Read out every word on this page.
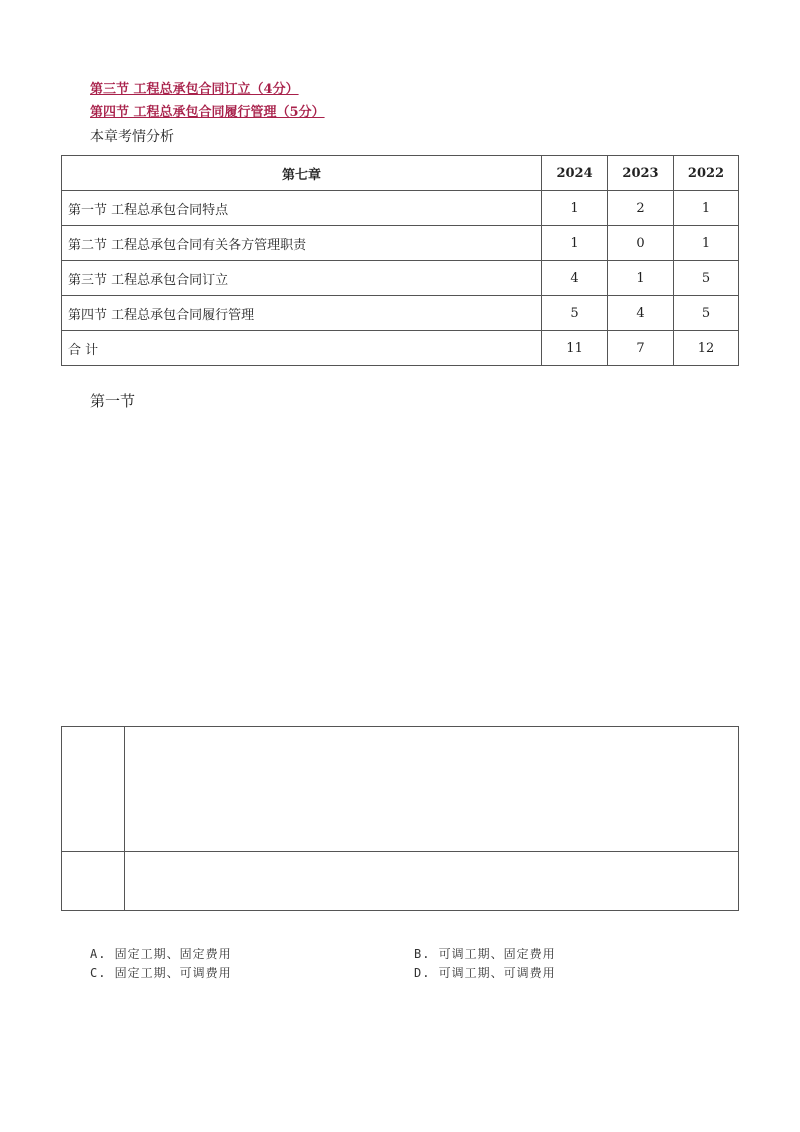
第三节 工程总承包合同订立（4分）
第四节 工程总承包合同履行管理（5分）
本章考情分析
第七章	2024	2023	2022
第一节 工程总承包合同特点	1	2	1
第二节 工程总承包合同有关各方管理职责	1	0	1
第三节 工程总承包合同订立	4	1	5
第四节 工程总承包合同履行管理	5	4	5
合 计	11	7	12
第一节
A. 固定工期、固定费用	B. 可调工期、固定费用
C. 固定工期、可调费用	D. 可调工期、可调费用
